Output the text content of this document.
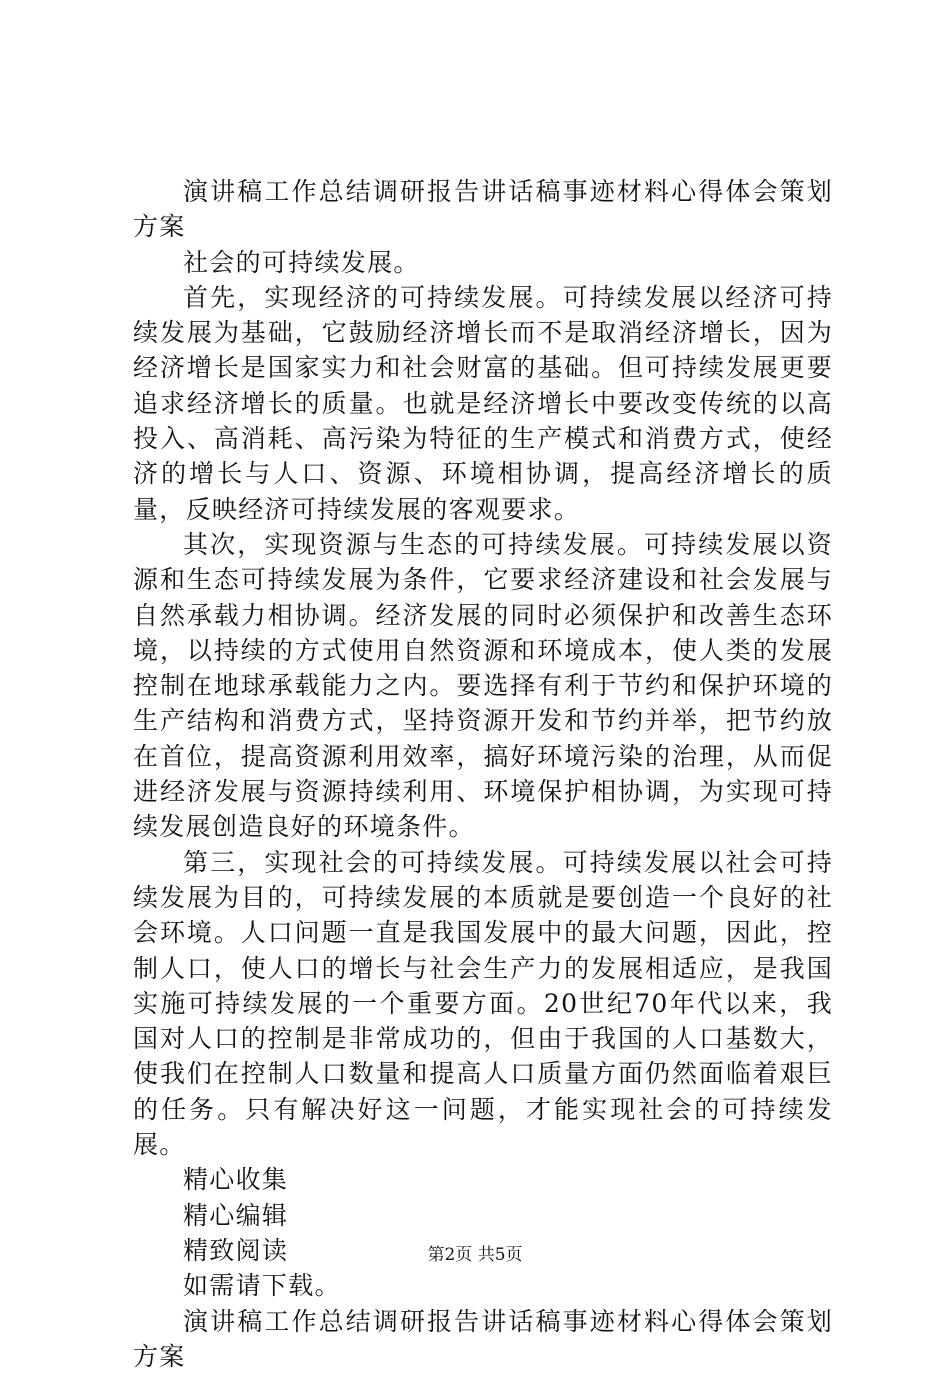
演讲稿工作总结调研报告讲话稿事迹材料心得体会策划方案

社会的可持续发展。

首先，实现经济的可持续发展。可持续发展以经济可持续发展为基础，它鼓励经济增长而不是取消经济增长，因为经济增长是国家实力和社会财富的基础。但可持续发展更要追求经济增长的质量。也就是经济增长中要改变传统的以高投入、高消耗、高污染为特征的生产模式和消费方式，使经济的增长与人口、资源、环境相协调，提高经济增长的质量，反映经济可持续发展的客观要求。

其次，实现资源与生态的可持续发展。可持续发展以资源和生态可持续发展为条件，它要求经济建设和社会发展与自然承载力相协调。经济发展的同时必须保护和改善生态环境，以持续的方式使用自然资源和环境成本，使人类的发展控制在地球承载能力之内。要选择有利于节约和保护环境的生产结构和消费方式，坚持资源开发和节约并举，把节约放在首位，提高资源利用效率，搞好环境污染的治理，从而促进经济发展与资源持续利用、环境保护相协调，为实现可持续发展创造良好的环境条件。

第三，实现社会的可持续发展。可持续发展以社会可持续发展为目的，可持续发展的本质就是要创造一个良好的社会环境。人口问题一直是我国发展中的最大问题，因此，控制人口，使人口的增长与社会生产力的发展相适应，是我国实施可持续发展的一个重要方面。20世纪70年代以来，我国对人口的控制是非常成功的，但由于我国的人口基数大，使我们在控制人口数量和提高人口质量方面仍然面临着艰巨的任务。只有解决好这一问题，才能实现社会的可持续发展。

精心收集

精心编辑

精致阅读

如需请下载。

演讲稿工作总结调研报告讲话稿事迹材料心得体会策划方案

第2页 共5页
